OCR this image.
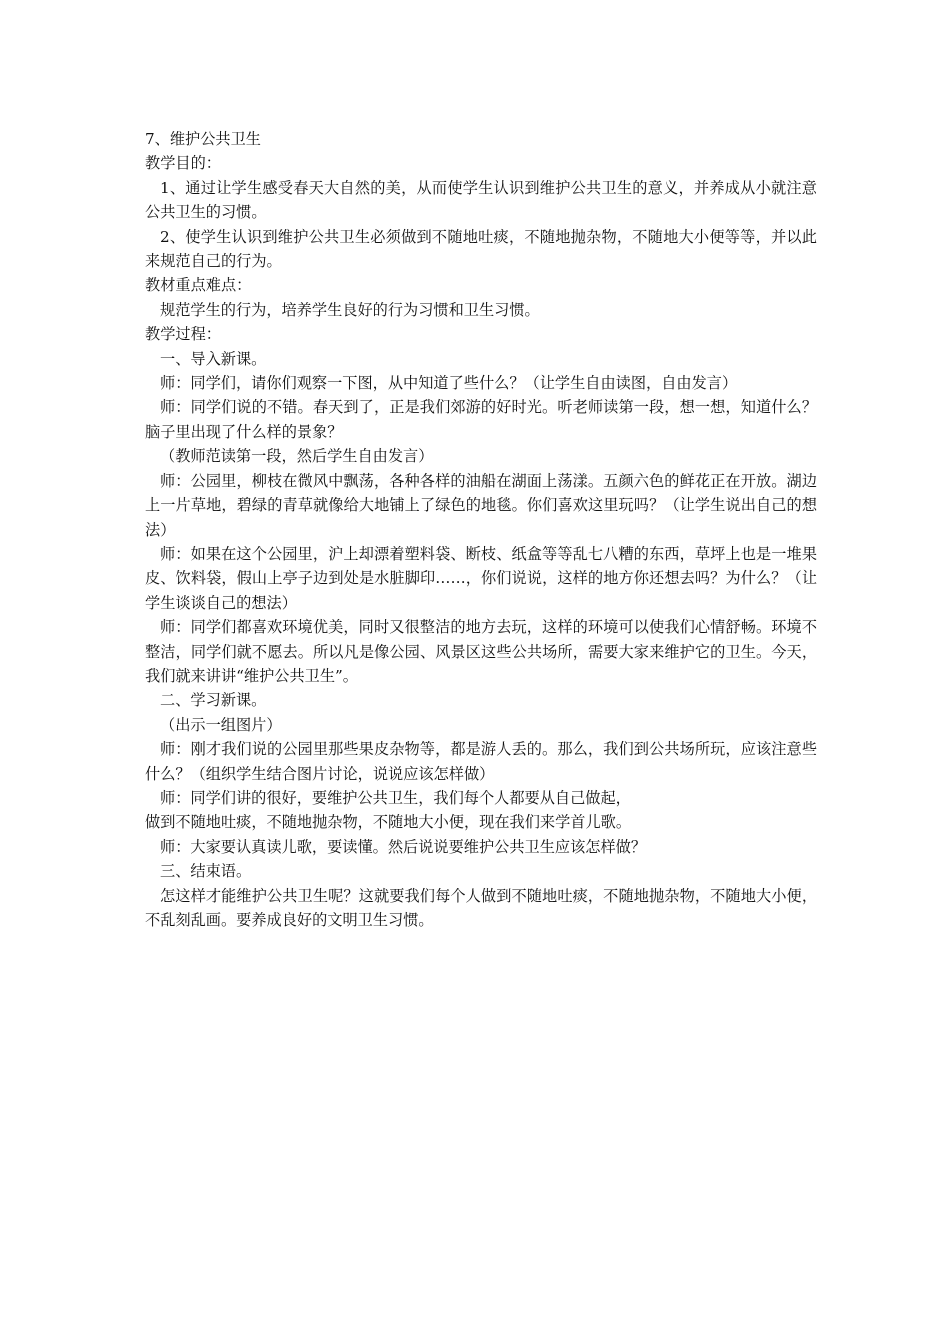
7、维护公共卫生

教学目的：

1、通过让学生感受春天大自然的美，从而使学生认识到维护公共卫生的意义，并养成从小就注意公共卫生的习惯。

2、使学生认识到维护公共卫生必须做到不随地吐痰，不随地抛杂物，不随地大小便等等，并以此来规范自己的行为。

教材重点难点：

规范学生的行为，培养学生良好的行为习惯和卫生习惯。

教学过程：

一、导入新课。

师：同学们，请你们观察一下图，从中知道了些什么？（让学生自由读图，自由发言）

师：同学们说的不错。春天到了，正是我们郊游的好时光。听老师读第一段，想一想，知道什么？脑子里出现了什么样的景象？

（教师范读第一段，然后学生自由发言）

师：公园里，柳枝在微风中飘荡，各种各样的油船在湖面上荡漾。五颜六色的鲜花正在开放。湖边上一片草地，碧绿的青草就像给大地铺上了绿色的地毯。你们喜欢这里玩吗？（让学生说出自己的想法）

师：如果在这个公园里，沪上却漂着塑料袋、断枝、纸盒等等乱七八糟的东西，草坪上也是一堆果皮、饮料袋，假山上亭子边到处是水脏脚印……，你们说说，这样的地方你还想去吗？为什么？（让学生谈谈自己的想法）

师：同学们都喜欢环境优美，同时又很整洁的地方去玩，这样的环境可以使我们心情舒畅。环境不整洁，同学们就不愿去。所以凡是像公园、风景区这些公共场所，需要大家来维护它的卫生。今天，我们就来讲讲“维护公共卫生”。

二、学习新课。

（出示一组图片）

师：刚才我们说的公园里那些果皮杂物等，都是游人丢的。那么，我们到公共场所玩，应该注意些什么？（组织学生结合图片讨论，说说应该怎样做）

师：同学们讲的很好，要维护公共卫生，我们每个人都要从自己做起，

做到不随地吐痰，不随地抛杂物，不随地大小便，现在我们来学首儿歌。

师：大家要认真读儿歌，要读懂。然后说说要维护公共卫生应该怎样做？

三、结束语。

怎这样才能维护公共卫生呢？这就要我们每个人做到不随地吐痰，不随地抛杂物，不随地大小便，不乱刻乱画。要养成良好的文明卫生习惯。
